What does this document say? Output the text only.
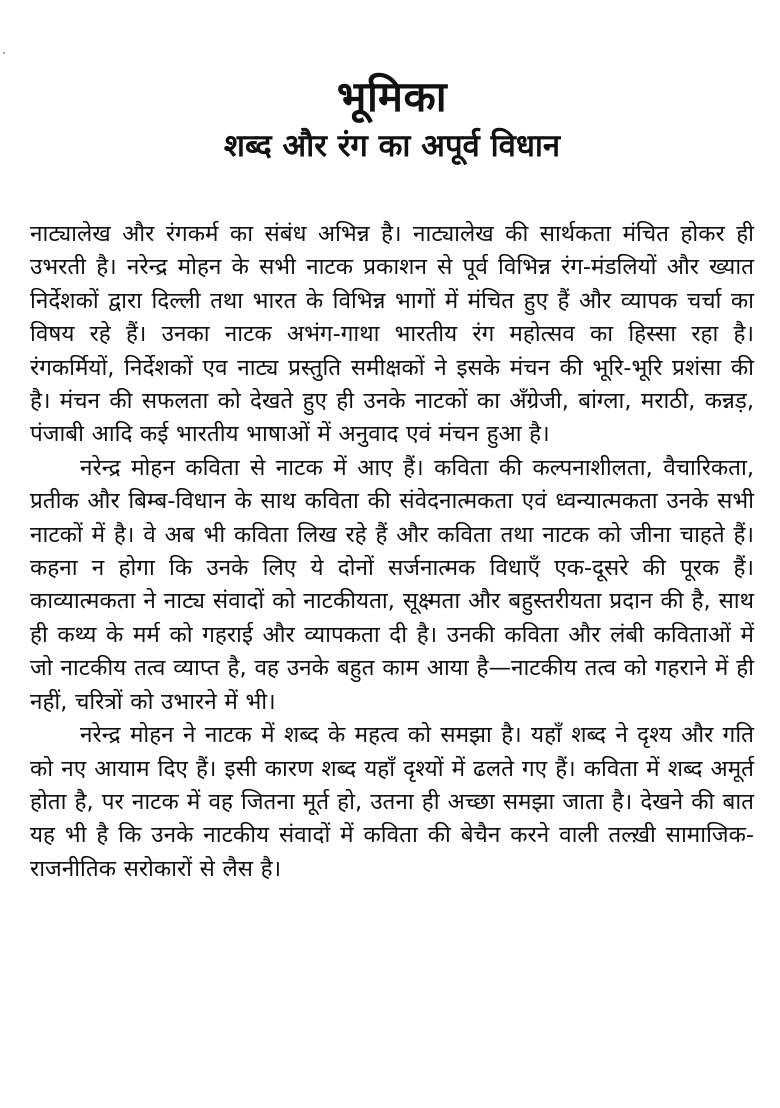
भूमिका
शब्द और रंग का अपूर्व विधान

नाट्यालेख और रंगकर्म का संबंध अभिन्न है। नाट्यालेख की सार्थकता मंचित होकर ही उभरती है। नरेन्द्र मोहन के सभी नाटक प्रकाशन से पूर्व विभिन्न रंग-मंडलियों और ख्यात निर्देशकों द्वारा दिल्ली तथा भारत के विभिन्न भागों में मंचित हुए हैं और व्यापक चर्चा का विषय रहे हैं। उनका नाटक अभंग-गाथा भारतीय रंग महोत्सव का हिस्सा रहा है। रंगकर्मियों, निर्देशकों एव नाट्य प्रस्तुति समीक्षकों ने इसके मंचन की भूरि-भूरि प्रशंसा की है। मंचन की सफलता को देखते हुए ही उनके नाटकों का अँग्रेजी, बांग्ला, मराठी, कन्नड़, पंजाबी आदि कई भारतीय भाषाओं में अनुवाद एवं मंचन हुआ है।

नरेन्द्र मोहन कविता से नाटक में आए हैं। कविता की कल्पनाशीलता, वैचारिकता, प्रतीक और बिम्ब-विधान के साथ कविता की संवेदनात्मकता एवं ध्वन्यात्मकता उनके सभी नाटकों में है। वे अब भी कविता लिख रहे हैं और कविता तथा नाटक को जीना चाहते हैं। कहना न होगा कि उनके लिए ये दोनों सर्जनात्मक विधाएँ एक-दूसरे की पूरक हैं। काव्यात्मकता ने नाट्य संवादों को नाटकीयता, सूक्ष्मता और बहुस्तरीयता प्रदान की है, साथ ही कथ्य के मर्म को गहराई और व्यापकता दी है। उनकी कविता और लंबी कविताओं में जो नाटकीय तत्व व्याप्त है, वह उनके बहुत काम आया है—नाटकीय तत्व को गहराने में ही नहीं, चरित्रों को उभारने में भी।

नरेन्द्र मोहन ने नाटक में शब्द के महत्व को समझा है। यहाँ शब्द ने दृश्य और गति को नए आयाम दिए हैं। इसी कारण शब्द यहाँ दृश्यों में ढलते गए हैं। कविता में शब्द अमूर्त होता है, पर नाटक में वह जितना मूर्त हो, उतना ही अच्छा समझा जाता है। देखने की बात यह भी है कि उनके नाटकीय संवादों में कविता की बेचैन करने वाली तल्ख़ी सामाजिक-राजनीतिक सरोकारों से लैस है।
